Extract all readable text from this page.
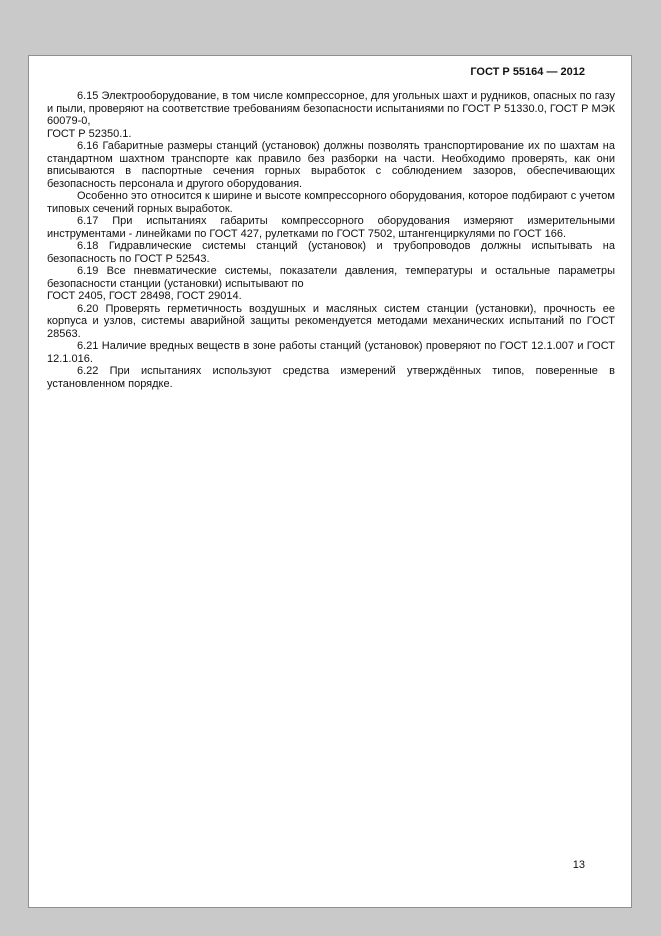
ГОСТ Р 55164 — 2012

6.15 Электрооборудование, в том числе компрессорное, для угольных шахт и рудников, опасных по газу и пыли, проверяют на соответствие требованиям безопасности испытаниями по ГОСТ Р 51330.0, ГОСТ Р МЭК 60079-0,

ГОСТ Р 52350.1.

6.16 Габаритные размеры станций (установок) должны позволять транспортирование их по шахтам на стандартном шахтном транспорте как правило без разборки на части. Необходимо проверять, как они вписываются в паспортные сечения горных выработок с соблюдением зазоров, обеспечивающих безопасность персонала и другого оборудования.

Особенно это относится к ширине и высоте компрессорного оборудования, которое подбирают с учетом типовых сечений горных выработок.

6.17 При испытаниях габариты компрессорного оборудования измеряют измерительными инструментами - линейками по ГОСТ 427, рулетками по ГОСТ 7502, штангенциркулями по ГОСТ 166.

6.18 Гидравлические системы станций (установок) и трубопроводов должны испытывать на безопасность по ГОСТ Р 52543.

6.19 Все пневматические системы, показатели давления, температуры и остальные параметры безопасности станции (установки) испытывают по

ГОСТ 2405, ГОСТ 28498, ГОСТ 29014.

6.20 Проверять герметичность воздушных и масляных систем станции (установки), прочность ее корпуса и узлов, системы аварийной защиты рекомендуется методами механических испытаний по ГОСТ 28563.

6.21 Наличие вредных веществ в зоне работы станций (установок) проверяют по ГОСТ 12.1.007 и ГОСТ 12.1.016.

6.22 При испытаниях используют средства измерений утверждённых типов, поверенные в установленном порядке.

13
